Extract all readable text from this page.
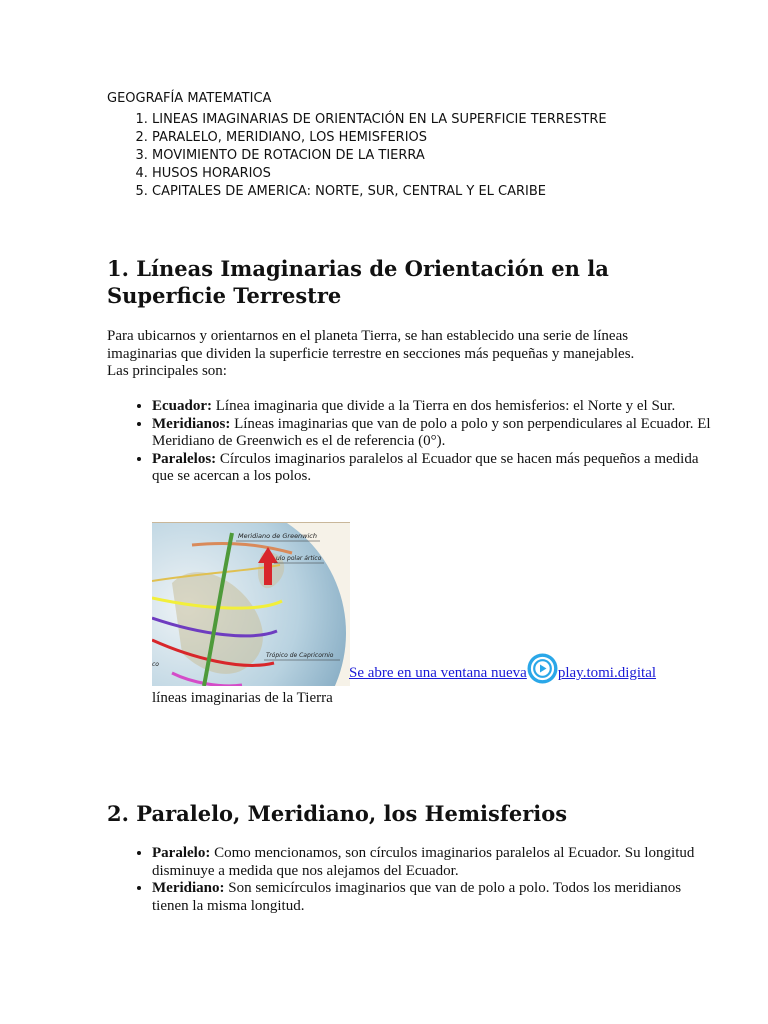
GEOGRAFÍA MATEMATICA

1. LINEAS IMAGINARIAS DE ORIENTACIÓN EN LA SUPERFICIE TERRESTRE
2. PARALELO, MERIDIANO, LOS HEMISFERIOS
3. MOVIMIENTO DE ROTACION DE LA TIERRA
4. HUSOS HORARIOS
5. CAPITALES DE AMERICA: NORTE, SUR, CENTRAL Y EL CARIBE
1. Líneas Imaginarias de Orientación en la Superficie Terrestre

Para ubicarnos y orientarnos en el planeta Tierra, se han establecido una serie de líneas imaginarias que dividen la superficie terrestre en secciones más pequeñas y manejables. Las principales son:

• Ecuador: Línea imaginaria que divide a la Tierra en dos hemisferios: el Norte y el Sur.
• Meridianos: Líneas imaginarias que van de polo a polo y son perpendiculares al Ecuador. El Meridiano de Greenwich es el de referencia (0°).
• Paralelos: Círculos imaginarios paralelos al Ecuador que se hacen más pequeños a medida que se acercan a los polos.
Meridiano de Greenwich
ulo polar ártico
Trópico de Capricornio
co
Se abre en una ventana nueva play.tomi.digital
líneas imaginarias de la Tierra
2. Paralelo, Meridiano, los Hemisferios
• Paralelo: Como mencionamos, son círculos imaginarios paralelos al Ecuador. Su longitud disminuye a medida que nos alejamos del Ecuador.
• Meridiano: Son semicírculos imaginarios que van de polo a polo. Todos los meridianos tienen la misma longitud.
